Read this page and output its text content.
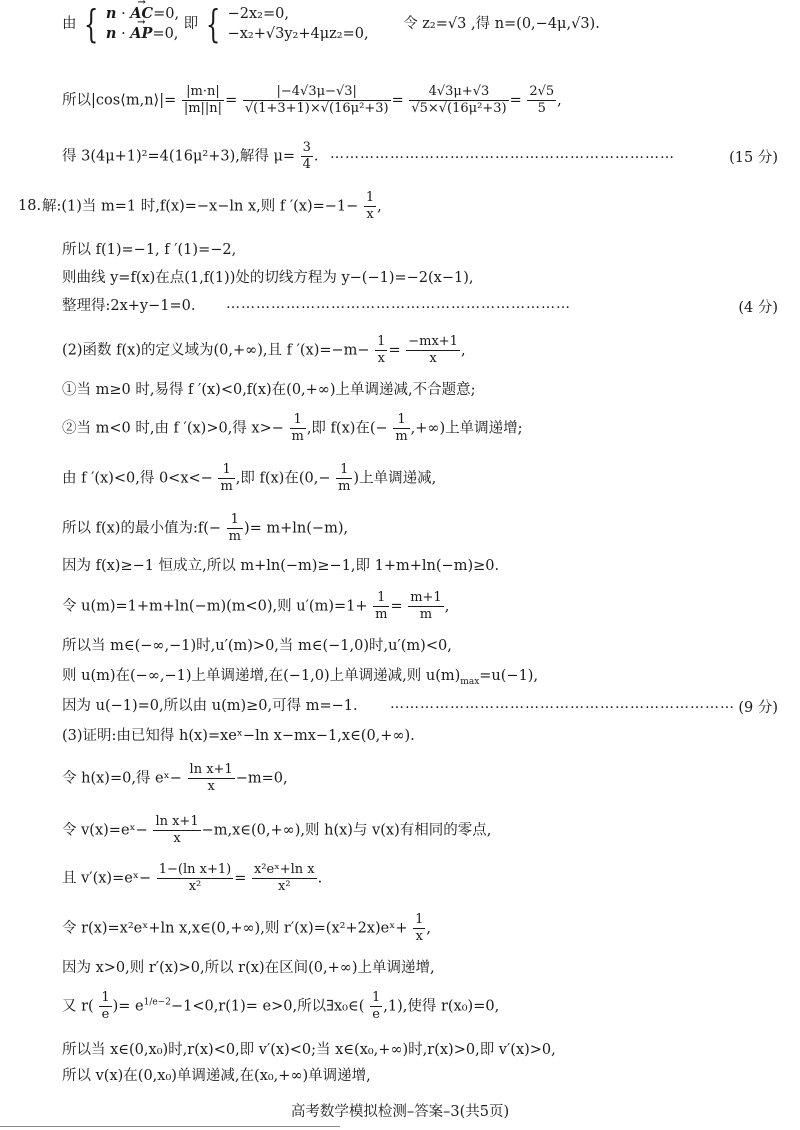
由 { n · → AC=0,
n · → AP=0,
即 { −2x₂=0,
−x₂+√3y₂+4μz₂=0,
令 z₂=√3 ,得 n=(0,−4μ,√3).
所以|cos⟨m,n⟩|= $\frac{|m\cdot n|}{|m||n|} = \frac{|-4√3\mu-√3|}{\text{√(1+3+1)×√(16μ²+3)}} = \frac{4√3\mu+√3}{\text{√5×√(16μ²+3)}} = \frac{2√5}{5}$ ,
得 3(4μ+1)²=4(16μ²+3),解得 $\mu= \frac{3}{4}$ . ……………………………………………………………	(15 分)
18. 解:(1)当 m=1 时,f(x)=−x−ln x,则 f $'(x)=-1- \frac{1}{x}$ ,
所以 f(1)=−1, f ′(1)=−2,
则曲线 y=f(x)在点(1,f(1))处的切线方程为 y−(−1)=−2(x−1),
整理得:2x+y−1=0. ……………………………………………………………	(4 分)
(2)函数 f(x)的定义域为(0,+∞),且 f $'(x)=-m- \frac{1}{x} = \frac{-mx+1}{x}$ ,
①当 m≥0 时,易得 f ′(x)<0,f(x)在(0,+∞)上单调递减,不合题意;
②当 m<0 时,由 f ′(x)>0,得 $x>- \frac{1}{m}$ ,即 f(x)在(− $\frac{1}{m}$ ,+∞)上单调递增;
由 f ′(x)<0,得 $0<x<- \frac{1}{m}$ ,即 f(x)在($0,- \frac{1}{m}$ )上单调递减,
所以 f(x)的最小值为:f(− $\frac{1}{m}$ )= m+ln(−m),
因为 f(x)≥−1 恒成立,所以 m+ln(−m)≥−1,即 1+m+ln(−m)≥0.
令 u(m)=1+m+ln(−m)(m<0),则 $u'(m)=1+ \frac{1}{m} = \frac{m+1}{m}$ ,
所以当 m∈(−∞,−1)时,u′(m)>0,当 m∈(−1,0)时,u′(m)<0,
则 u(m)在(−∞,−1)上单调递增,在(−1,0)上单调递减,则 $u(m)_{max}=u(-1)$,
因为 u(−1)=0,所以由 u(m)≥0,可得 m=−1. …………………………………………………………… (9 分)
(3)证明:由已知得 h(x)=xeˣ−ln x−mx−1,x∈(0,+∞).
令 h(x)=0,得 eˣ− $\frac{\text{ln x+1}}{x} -m=0$,
令 v(x)=eˣ− $\frac{\text{ln x+1}}{x}$ −m,x∈(0,+∞),则 h(x)与 v(x)有相同的零点,
且 v′(x)=eˣ− $\frac{\text{1−(ln x+1)}}{\text{x²}} = \frac{\text{x²eˣ+ln x}}{\text{x²}}$ .
令 r(x)=x²eˣ+ln x,x∈(0,+∞),则 r′(x)=(x²+2x)eˣ+ $\frac{1}{x}$ ,
因为 x>0,则 r′(x)>0,所以 r(x)在区间(0,+∞)上单调递增,
又 $r( \frac{1}{e}$ )= $e^{1/e-2}-1<0,r(1)= e>0$,所以∃x₀∈( $\frac{1}{e} ,1$),使得 r(x₀)=0,
所以当 x∈(0,x₀)时,r(x)<0,即 v′(x)<0;当 x∈(x₀,+∞)时,r(x)>0,即 v′(x)>0,
所以 v(x)在(0,x₀)单调递减,在(x₀,+∞)单调递增,
高考数学模拟检测–答案–3(共5页)
